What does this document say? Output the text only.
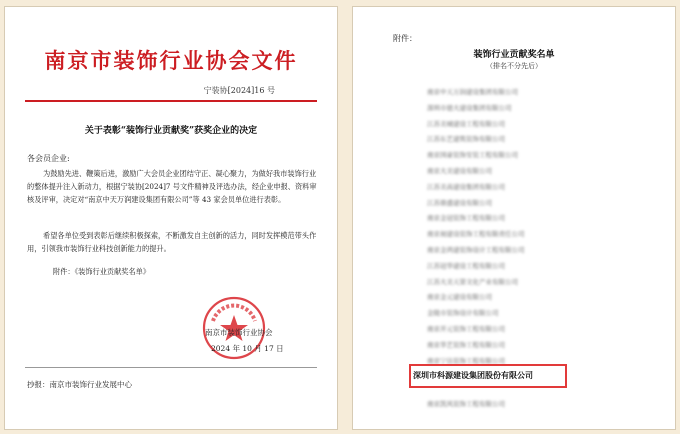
南京市装饰行业协会文件
宁装协[2024]16 号
关于表彰“装饰行业贡献奖”获奖企业的决定
各会员企业:

为鼓励先进、鞭策后进，激励广大会员企业团结守正、凝心聚力，为做好我市装饰行业的整体提升注入新动力，根据宁装协[2024]7 号文件精神及评选办法，经企业申报、资料审核及评审，决定对“南京中天万润建设集团有限公司”等 43 家会员单位进行表彰。

希望各单位受到表彰后继续积极探索，不断激发自主创新的活力，同时发挥模范带头作用，引领我市装饰行业科技创新能力的提升。

附件：《装饰行业贡献奖名单》
南京市装饰行业协会
2024 年 10 月 17 日
抄报：南京市装饰行业发展中心
附件：
装饰行业贡献奖名单
（排名不分先后）
南京中天万润建设集团有限公司
深圳市德大建设集团有限公司
江苏美城建设工程有限公司
江苏东艺建筑装饰有限公司
南京国豪装饰安装工程有限公司
南京大美建设有限公司
江苏美高建设集团有限公司
江苏鼎盛建设有限公司
南京金冠装饰工程有限公司
南京昶建设装饰工程有限责任公司
南京金鸿建装饰设计工程有限公司
江苏冠华建设工程有限公司
江苏大美天第文化产业有限公司
南京金元建设有限公司
金陵市装饰设计有限公司
南京开元装饰工程有限公司
南京华艺装饰工程有限公司
南京宁达装饰工程有限公司
深圳市科源建设集团股份有限公司
南京凯风装饰工程有限公司
